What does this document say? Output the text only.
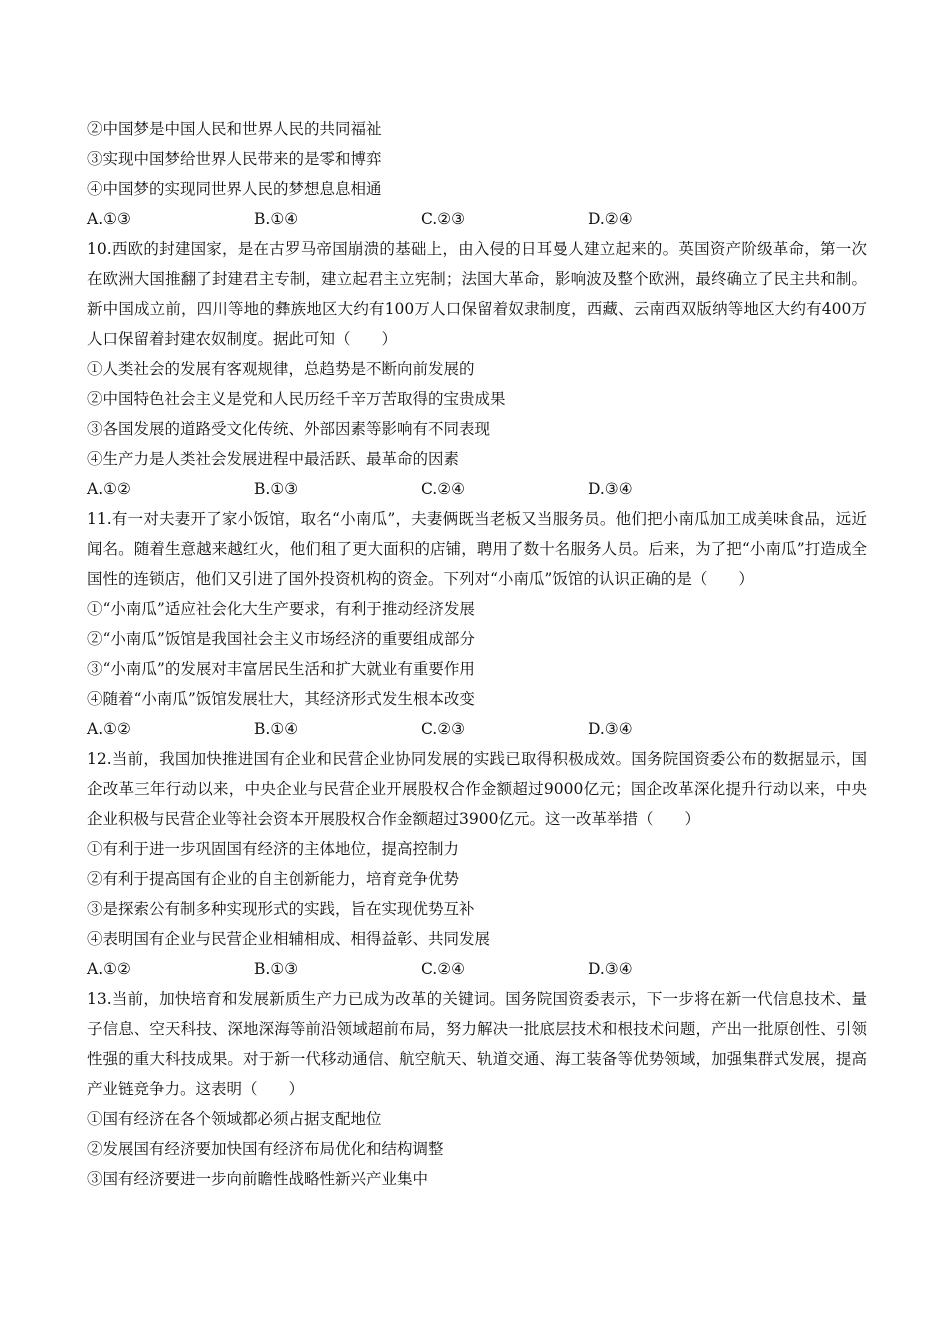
②中国梦是中国人民和世界人民的共同福祉
③实现中国梦给世界人民带来的是零和博弈
④中国梦的实现同世界人民的梦想息息相通
A.①③	B.①④	C.②③	D.②④
10.西欧的封建国家，是在古罗马帝国崩溃的基础上，由入侵的日耳曼人建立起来的。英国资产阶级革命，第一次在欧洲大国推翻了封建君主专制，建立起君主立宪制；法国大革命，影响波及整个欧洲，最终确立了民主共和制。新中国成立前，四川等地的彝族地区大约有100万人口保留着奴隶制度，西藏、云南西双版纳等地区大约有400万人口保留着封建农奴制度。据此可知（　　）
①人类社会的发展有客观规律，总趋势是不断向前发展的
②中国特色社会主义是党和人民历经千辛万苦取得的宝贵成果
③各国发展的道路受文化传统、外部因素等影响有不同表现
④生产力是人类社会发展进程中最活跃、最革命的因素
A.①②	B.①③	C.②④	D.③④
11.有一对夫妻开了家小饭馆，取名“小南瓜”，夫妻俩既当老板又当服务员。他们把小南瓜加工成美味食品，远近闻名。随着生意越来越红火，他们租了更大面积的店铺，聘用了数十名服务人员。后来，为了把“小南瓜”打造成全国性的连锁店，他们又引进了国外投资机构的资金。下列对“小南瓜”饭馆的认识正确的是（　　）
①“小南瓜”适应社会化大生产要求，有利于推动经济发展
②“小南瓜”饭馆是我国社会主义市场经济的重要组成部分
③“小南瓜”的发展对丰富居民生活和扩大就业有重要作用
④随着“小南瓜”饭馆发展壮大，其经济形式发生根本改变
A.①②	B.①④	C.②③	D.③④
12.当前，我国加快推进国有企业和民营企业协同发展的实践已取得积极成效。国务院国资委公布的数据显示，国企改革三年行动以来，中央企业与民营企业开展股权合作金额超过9000亿元；国企改革深化提升行动以来，中央企业积极与民营企业等社会资本开展股权合作金额超过3900亿元。这一改革举措（　　）
①有利于进一步巩固国有经济的主体地位，提高控制力
②有利于提高国有企业的自主创新能力，培育竞争优势
③是探索公有制多种实现形式的实践，旨在实现优势互补
④表明国有企业与民营企业相辅相成、相得益彰、共同发展
A.①②	B.①③	C.②④	D.③④
13.当前，加快培育和发展新质生产力已成为改革的关键词。国务院国资委表示，下一步将在新一代信息技术、量子信息、空天科技、深地深海等前沿领域超前布局，努力解决一批底层技术和根技术问题，产出一批原创性、引领性强的重大科技成果。对于新一代移动通信、航空航天、轨道交通、海工装备等优势领域，加强集群式发展，提高产业链竞争力。这表明（　　）
①国有经济在各个领域都必须占据支配地位
②发展国有经济要加快国有经济布局优化和结构调整
③国有经济要进一步向前瞻性战略性新兴产业集中
